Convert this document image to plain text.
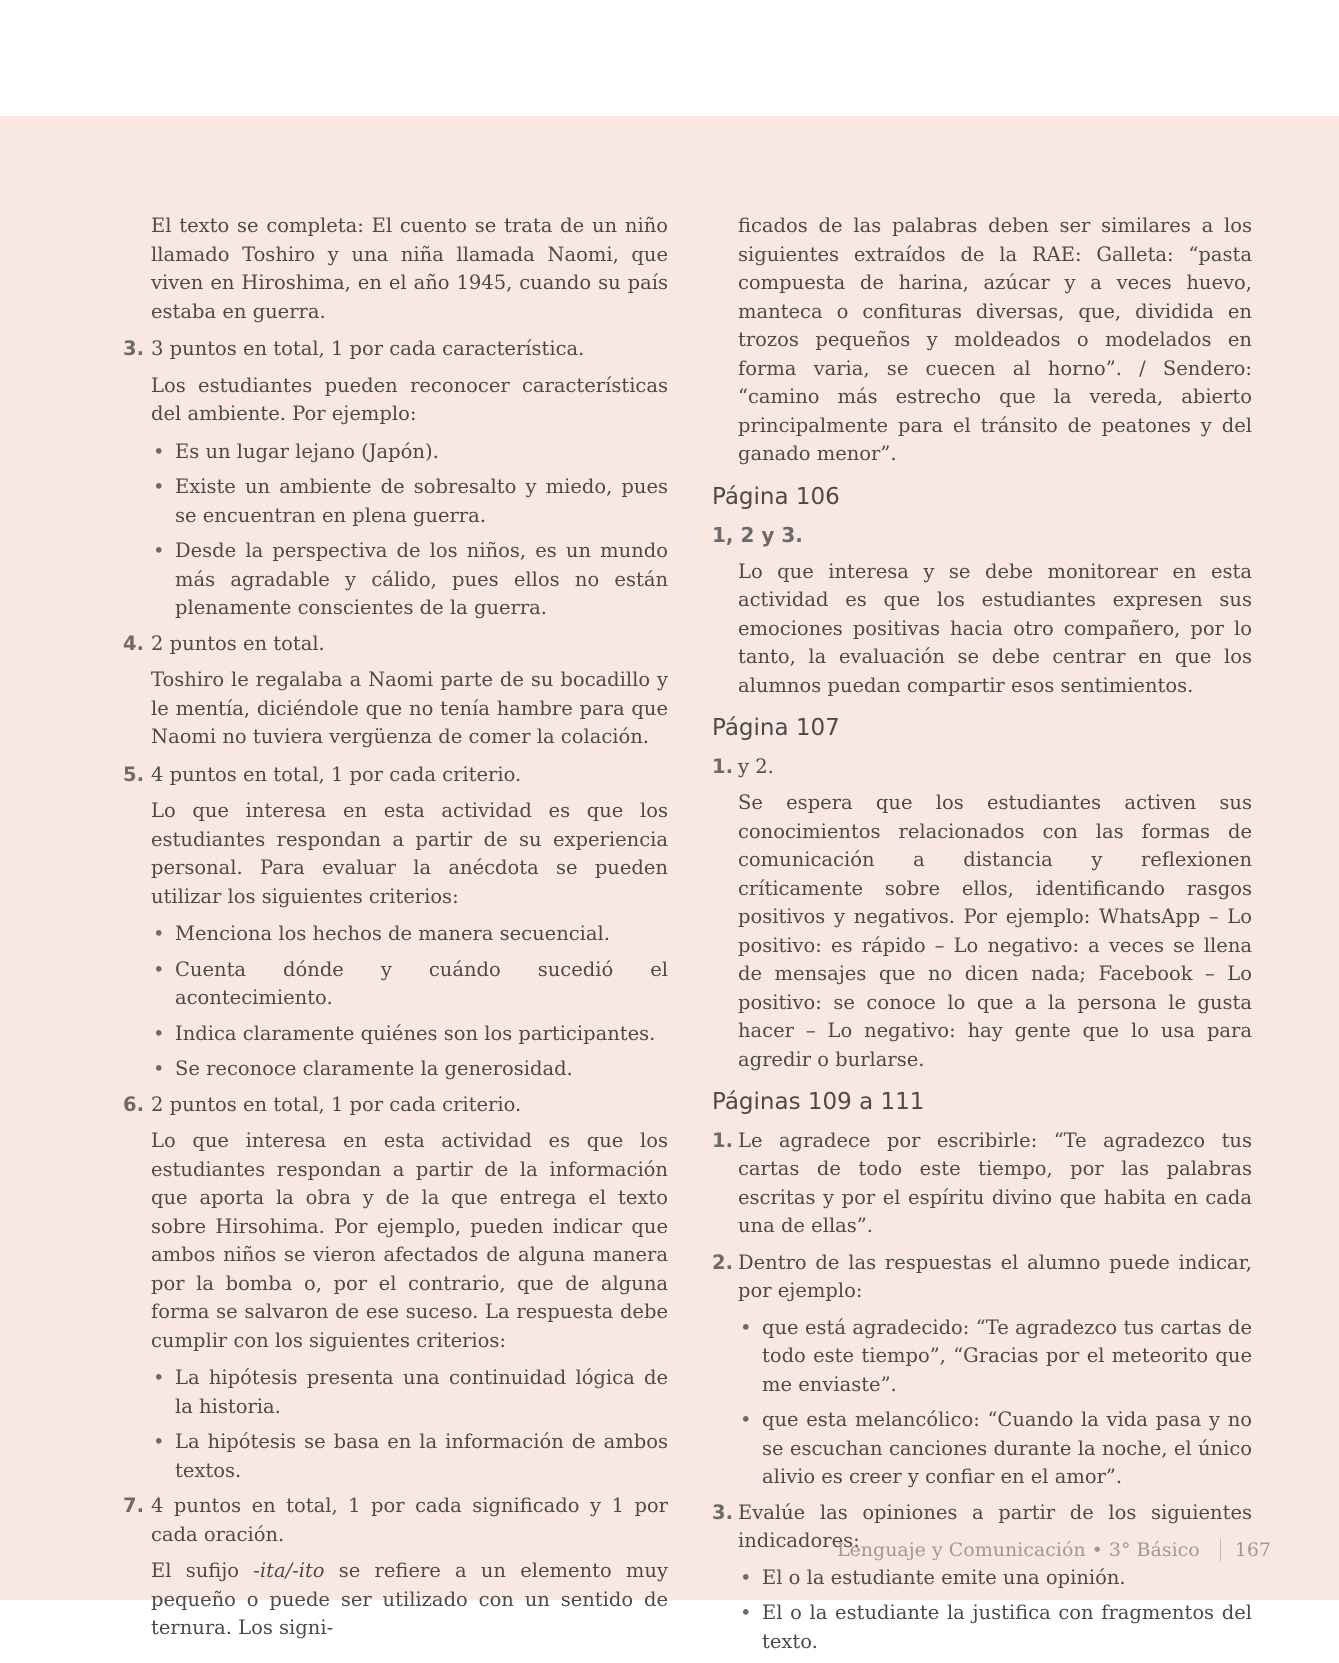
El texto se completa: El cuento se trata de un niño llamado Toshiro y una niña llamada Naomi, que viven en Hiroshima, en el año 1945, cuando su país estaba en guerra.

3. 3 puntos en total, 1 por cada característica.

Los estudiantes pueden reconocer características del ambiente. Por ejemplo:

• Es un lugar lejano (Japón).
• Existe un ambiente de sobresalto y miedo, pues se encuentran en plena guerra.
• Desde la perspectiva de los niños, es un mundo más agradable y cálido, pues ellos no están plenamente conscientes de la guerra.
4. 2 puntos en total.

Toshiro le regalaba a Naomi parte de su bocadillo y le mentía, diciéndole que no tenía hambre para que Naomi no tuviera vergüenza de comer la colación.

5. 4 puntos en total, 1 por cada criterio.

Lo que interesa en esta actividad es que los estudiantes respondan a partir de su experiencia personal. Para evaluar la anécdota se pueden utilizar los siguientes criterios:

• Menciona los hechos de manera secuencial.
• Cuenta dónde y cuándo sucedió el acontecimiento.
• Indica claramente quiénes son los participantes.
• Se reconoce claramente la generosidad.
6. 2 puntos en total, 1 por cada criterio.

Lo que interesa en esta actividad es que los estudiantes respondan a partir de la información que aporta la obra y de la que entrega el texto sobre Hirsohima. Por ejemplo, pueden indicar que ambos niños se vieron afectados de alguna manera por la bomba o, por el contrario, que de alguna forma se salvaron de ese suceso. La respuesta debe cumplir con los siguientes criterios:

• La hipótesis presenta una continuidad lógica de la historia.
• La hipótesis se basa en la información de ambos textos.
7. 4 puntos en total, 1 por cada significado y 1 por cada oración.

El sufijo -ita/-ito se refiere a un elemento muy pequeño o puede ser utilizado con un sentido de ternura. Los signi-

ficados de las palabras deben ser similares a los siguientes extraídos de la RAE: Galleta: “pasta compuesta de harina, azúcar y a veces huevo, manteca o confituras diversas, que, dividida en trozos pequeños y moldeados o modelados en forma varia, se cuecen al horno”. / Sendero: “camino más estrecho que la vereda, abierto principalmente para el tránsito de peatones y del ganado menor”.

Página 106
1, 2 y 3.

Lo que interesa y se debe monitorear en esta actividad es que los estudiantes expresen sus emociones positivas hacia otro compañero, por lo tanto, la evaluación se debe centrar en que los alumnos puedan compartir esos sentimientos.

Página 107
1. y 2.

Se espera que los estudiantes activen sus conocimientos relacionados con las formas de comunicación a distancia y reflexionen críticamente sobre ellos, identificando rasgos positivos y negativos. Por ejemplo: WhatsApp – Lo positivo: es rápido – Lo negativo: a veces se llena de mensajes que no dicen nada; Facebook – Lo positivo: se conoce lo que a la persona le gusta hacer – Lo negativo: hay gente que lo usa para agredir o burlarse.

Páginas 109 a 111
1. Le agradece por escribirle: “Te agradezco tus cartas de todo este tiempo, por las palabras escritas y por el espíritu divino que habita en cada una de ellas”.
2. Dentro de las respuestas el alumno puede indicar, por ejemplo:
• que está agradecido: “Te agradezco tus cartas de todo este tiempo”, “Gracias por el meteorito que me enviaste”.
• que esta melancólico: “Cuando la vida pasa y no se escuchan canciones durante la noche, el único alivio es creer y confiar en el amor”.
3. Evalúe las opiniones a partir de los siguientes indicadores:
• El o la estudiante emite una opinión.
• El o la estudiante la justifica con fragmentos del texto.
Lenguaje y Comunicación • 3° Básico 167
